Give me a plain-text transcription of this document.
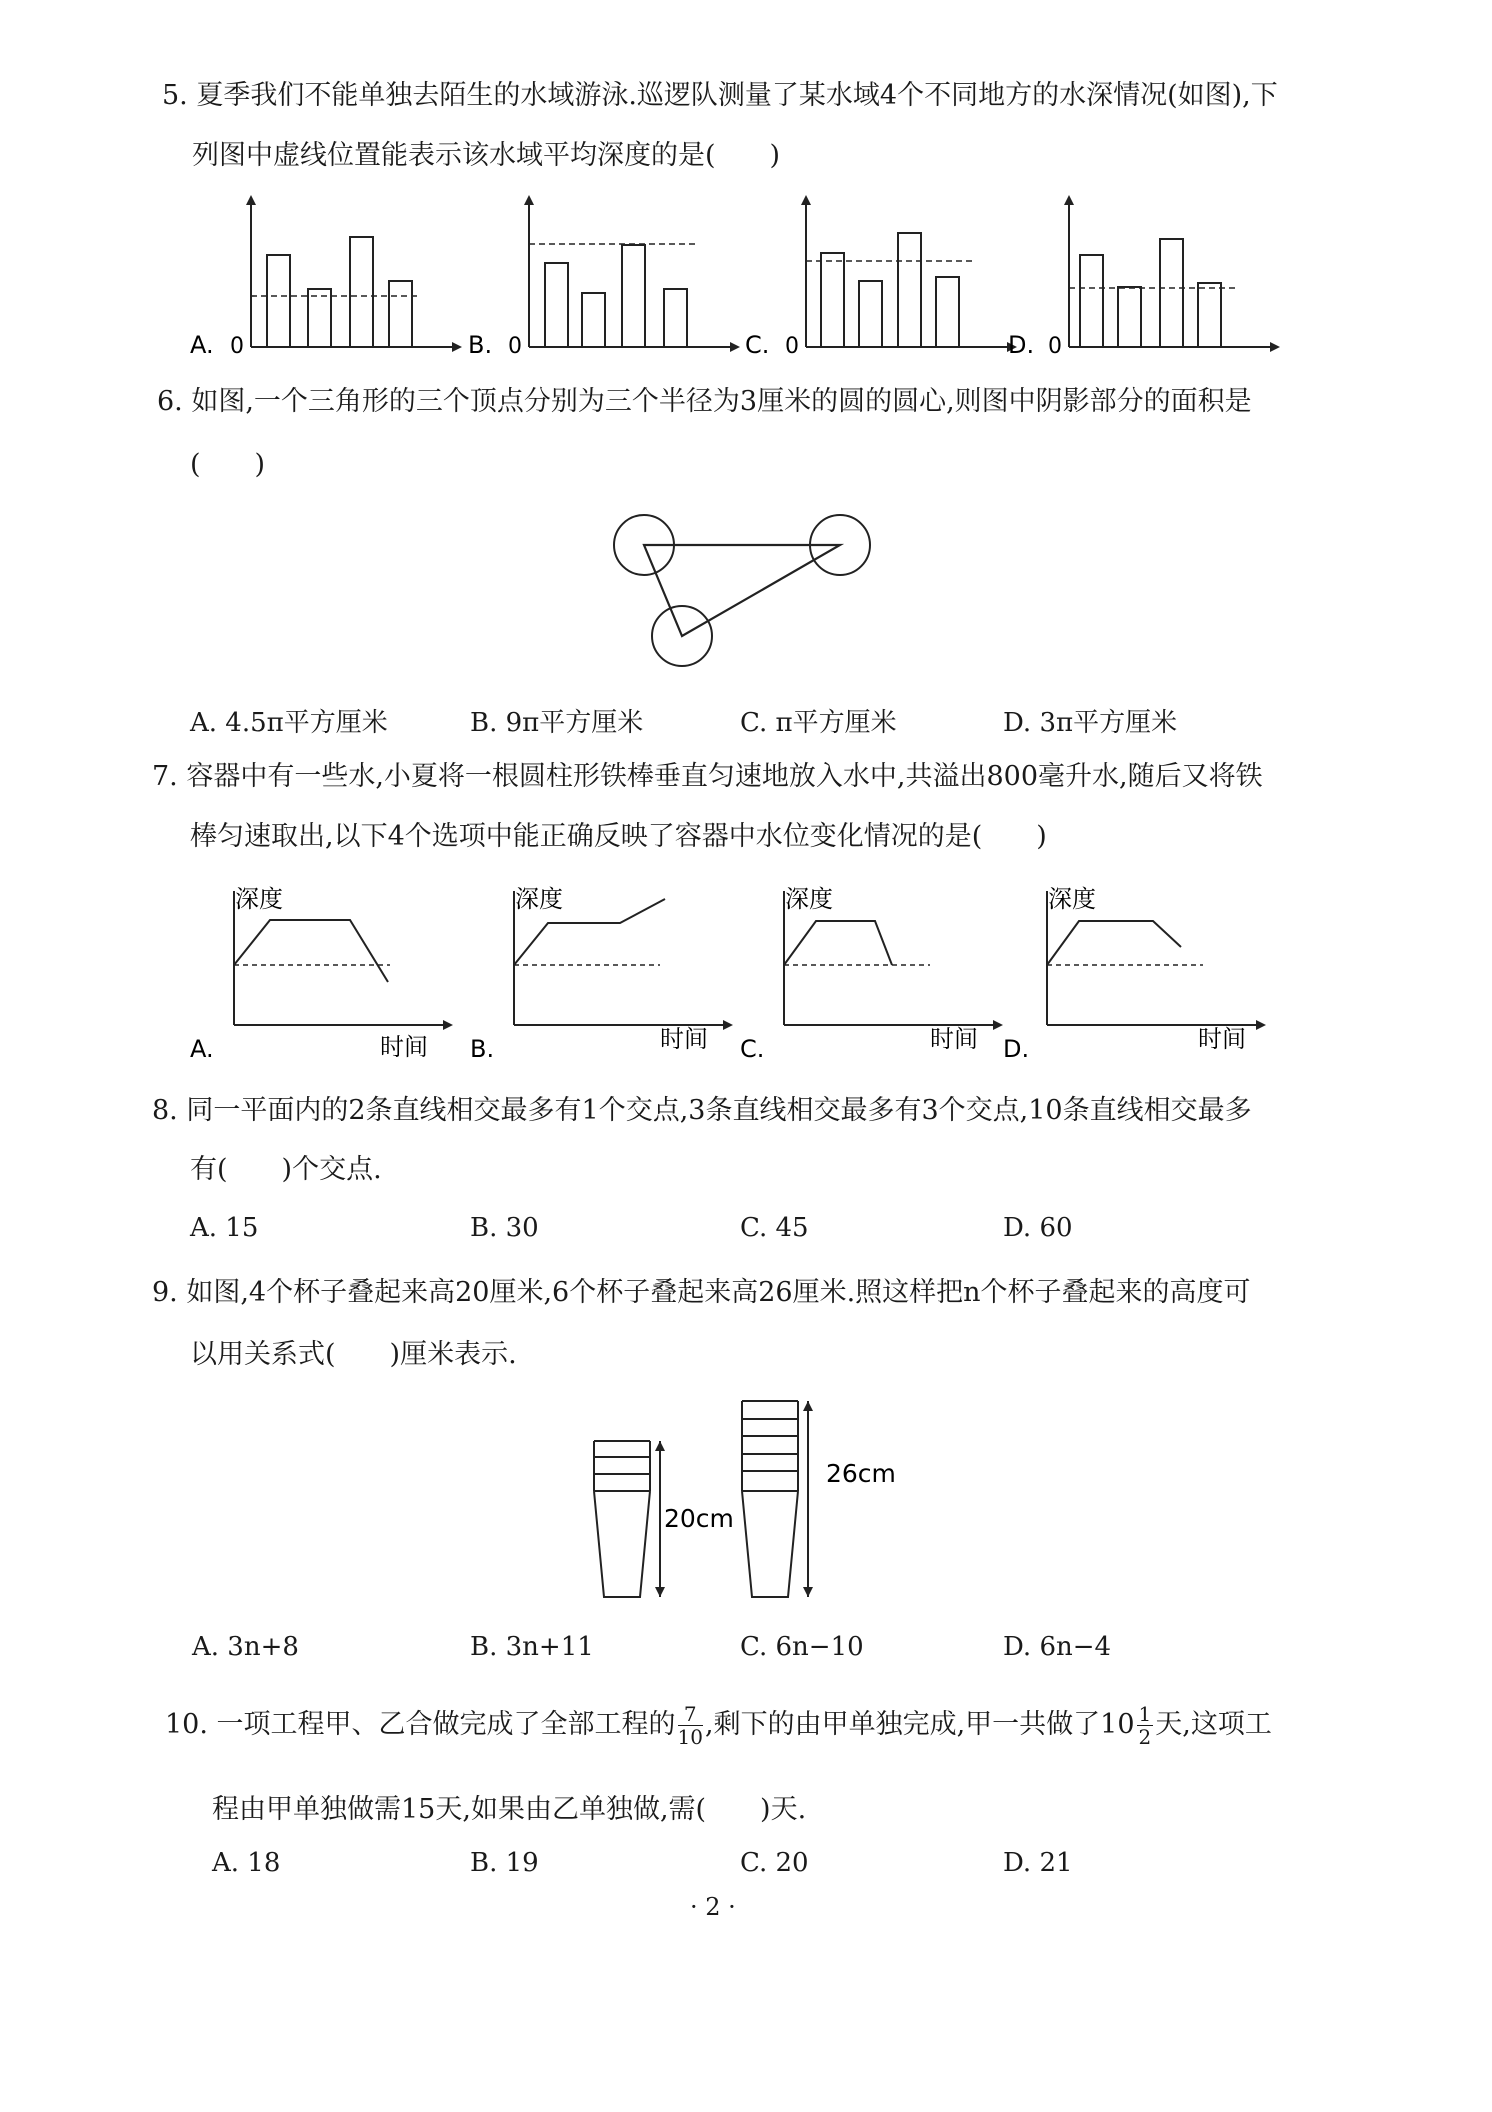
5. 夏季我们不能单独去陌生的水域游泳.巡逻队测量了某水域4个不同地方的水深情况(如图),下
列图中虚线位置能表示该水域平均深度的是(　　)
A. 0	B. 0	C. 0	D. 0
6. 如图,一个三角形的三个顶点分别为三个半径为3厘米的圆的圆心,则图中阴影部分的面积是
(　　)
A. 4.5π平方厘米	B. 9π平方厘米	C. π平方厘米	D. 3π平方厘米
7. 容器中有一些水,小夏将一根圆柱形铁棒垂直匀速地放入水中,共溢出800毫升水,随后又将铁
棒匀速取出,以下4个选项中能正确反映了容器中水位变化情况的是(　　)
深度
时间
A.
深度
时间
B.
深度
时间
C.
深度
时间
D.
8. 同一平面内的2条直线相交最多有1个交点,3条直线相交最多有3个交点,10条直线相交最多
有(　　)个交点.
A. 15	B. 30	C. 45	D. 60
9. 如图,4个杯子叠起来高20厘米,6个杯子叠起来高26厘米.照这样把n个杯子叠起来的高度可
以用关系式(　　)厘米表示.
20cm
26cm
A. 3n+8	B. 3n+11	C. 6n−10	D. 6n−4
10. 一项工程甲、乙合做完成了全部工程的 $\frac{7}{10}$ ,剩下的由甲单独完成,甲一共做了$10 \frac{1}{2}$ 天,这项工
程由甲单独做需15天,如果由乙单独做,需(　　)天.
A. 18	B. 19	C. 20	D. 21
· 2 ·
